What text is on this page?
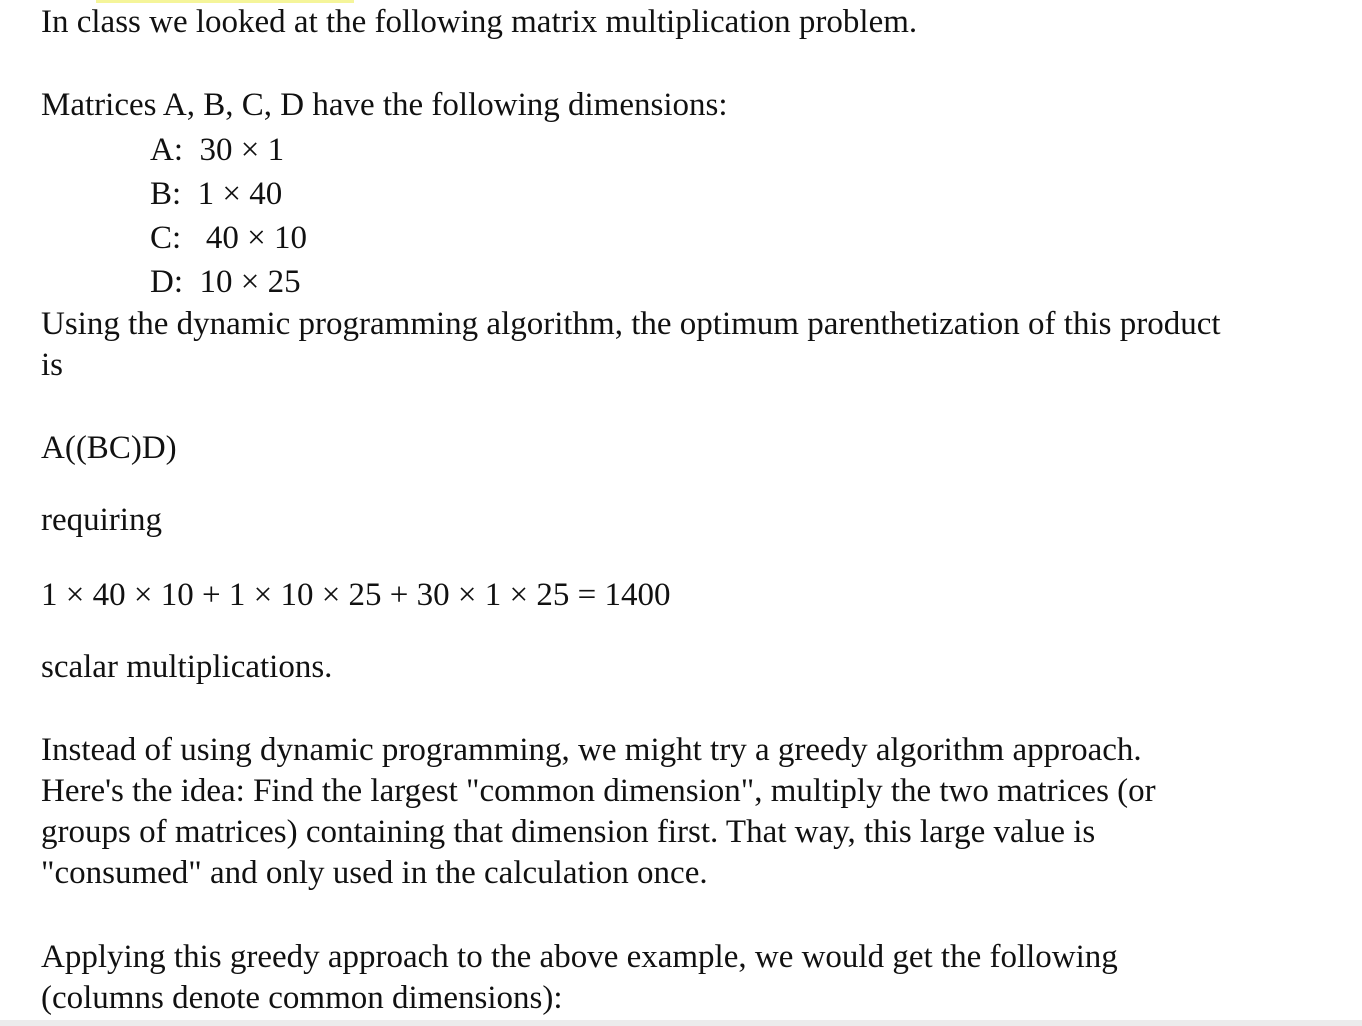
In class we looked at the following matrix multiplication problem.
Matrices A, B, C, D have the following dimensions:
A:  30 × 1
B:  1 × 40
C:   40 × 10
D:  10 × 25
Using the dynamic programming algorithm, the optimum parenthetization of this product
is
A((BC)D)
requiring
1 × 40 × 10 + 1 × 10 × 25 + 30 × 1 × 25 = 1400
scalar multiplications.
Instead of using dynamic programming, we might try a greedy algorithm approach.
Here's the idea: Find the largest "common dimension", multiply the two matrices (or
groups of matrices) containing that dimension first. That way, this large value is
"consumed" and only used in the calculation once.
Applying this greedy approach to the above example, we would get the following
(columns denote common dimensions):
